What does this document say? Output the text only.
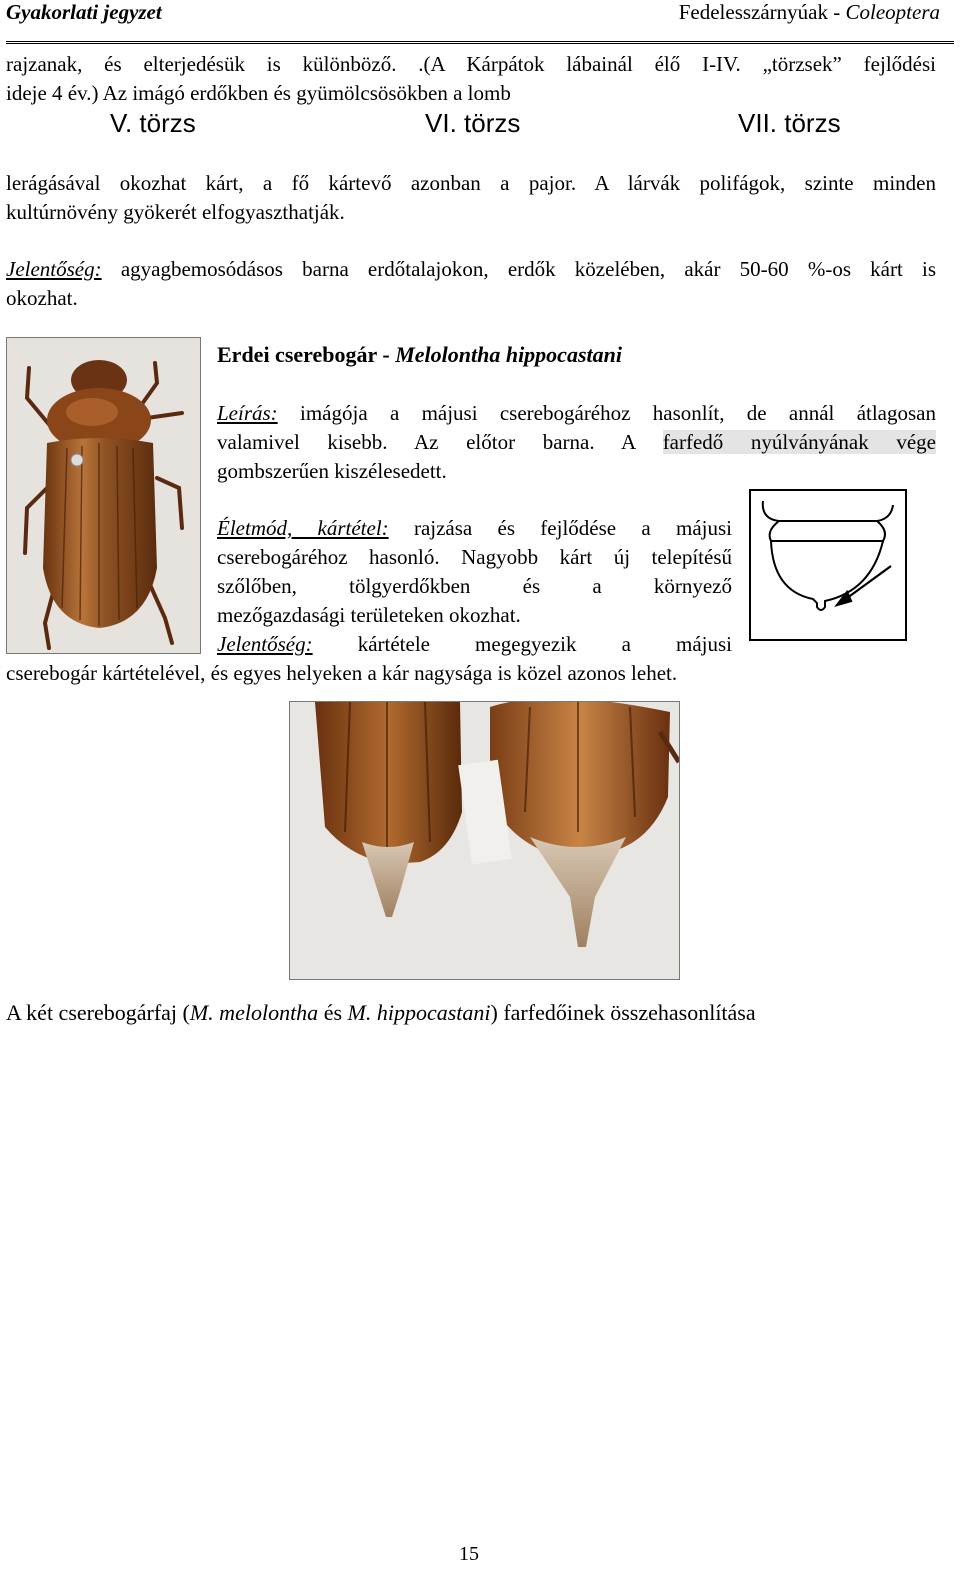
Gyakorlati jegyzet	Fedelesszárnyúak - Coleoptera
rajzanak, és elterjedésük is különböző. .(A Kárpátok lábainál élő I-IV. „törzsek” fejlődési
ideje 4 év.) Az imágó erdőkben és gyümölcsösökben a lomb
V. törzs	VI. törzs	VII. törzs
lerágásával okozhat kárt, a fő kártevő azonban a pajor. A lárvák polifágok, szinte minden
kultúrnövény gyökerét elfogyaszthatják.
Jelentőség: agyagbemosódásos barna erdőtalajokon, erdők közelében, akár 50-60 %-os kárt is
okozhat.
Erdei cserebogár - Melolontha hippocastani
Leírás: imágója a májusi cserebogáréhoz hasonlít, de annál átlagosan
valamivel kisebb. Az előtor barna. A farfedő nyúlványának vége
gombszerűen kiszélesedett.
Életmód, kártétel: rajzása és fejlődése a májusi
cserebogáréhoz hasonló. Nagyobb kárt új telepítésű
szőlőben, tölgyerdőkben és a környező
mezőgazdasági területeken okozhat.
Jelentőség: kártétele megegyezik a májusi
cserebogár kártételével, és egyes helyeken a kár nagysága is közel azonos lehet.
A két cserebogárfaj (M. melolontha és M. hippocastani) farfedőinek összehasonlítása
15
